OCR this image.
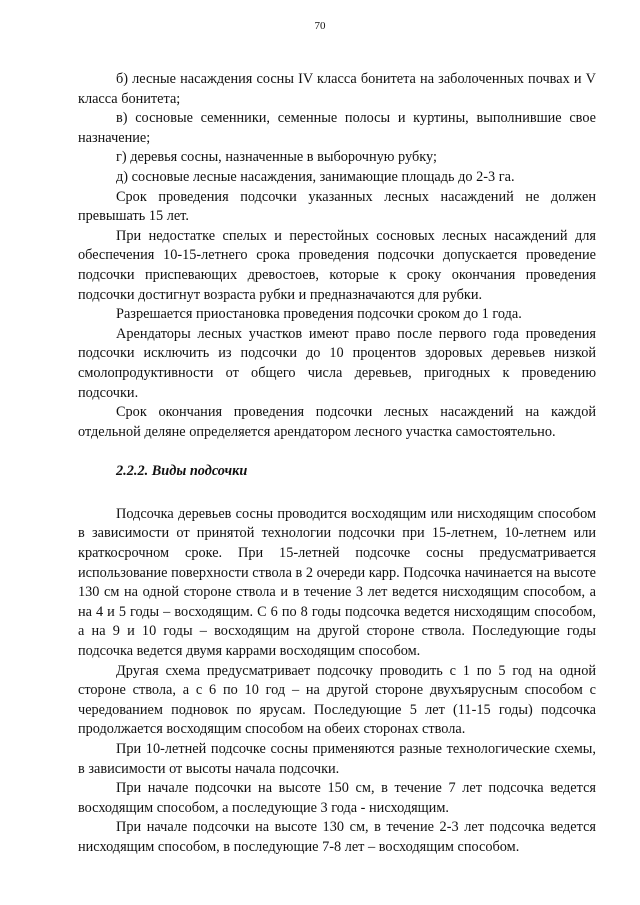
70

б) лесные насаждения сосны IV класса бонитета на заболоченных почвах и V класса бонитета;

в) сосновые семенники, семенные полосы и куртины, выполнившие свое назначение;

г) деревья сосны, назначенные в выборочную рубку;

д) сосновые лесные насаждения, занимающие площадь до 2-3 га.

Срок проведения подсочки указанных лесных насаждений не должен превышать 15 лет.

При недостатке спелых и перестойных сосновых лесных насаждений для обеспечения 10-15-летнего срока проведения подсочки допускается проведение подсочки приспевающих древостоев, которые к сроку окончания проведения подсочки достигнут возраста рубки и предназначаются для рубки.

Разрешается приостановка проведения подсочки сроком до 1 года.

Арендаторы лесных участков имеют право после первого года проведения подсочки исключить из подсочки до 10 процентов здоровых деревьев низкой смолопродуктивности от общего числа деревьев, пригодных к проведению подсочки.

Срок окончания проведения подсочки лесных насаждений на каждой отдельной деляне определяется арендатором лесного участка самостоятельно.

2.2.2. Виды подсочки

Подсочка деревьев сосны проводится восходящим или нисходящим способом в зависимости от принятой технологии подсочки при 15-летнем, 10-летнем или краткосрочном сроке. При 15-летней подсочке сосны предусматривается использование поверхности ствола в 2 очереди карр. Подсочка начинается на высоте 130 см на одной стороне ствола и в течение 3 лет ведется нисходящим способом, а на 4 и 5 годы – восходящим. С 6 по 8 годы подсочка ведется нисходящим способом, а на 9 и 10 годы – восходящим на другой стороне ствола. Последующие годы подсочка ведется двумя каррами восходящим способом.

Другая схема предусматривает подсочку проводить с 1 по 5 год на одной стороне ствола, а с 6 по 10 год – на другой стороне двухъярусным способом с чередованием подновок по ярусам. Последующие 5 лет (11-15 годы) подсочка продолжается восходящим способом на обеих сторонах ствола.

При 10-летней подсочке сосны применяются разные технологические схемы, в зависимости от высоты начала подсочки.

При начале подсочки на высоте 150 см, в течение 7 лет подсочка ведется восходящим способом, а последующие 3 года - нисходящим.

При начале подсочки на высоте 130 см, в течение 2-3 лет подсочка ведется нисходящим способом, в последующие 7-8 лет – восходящим способом.
